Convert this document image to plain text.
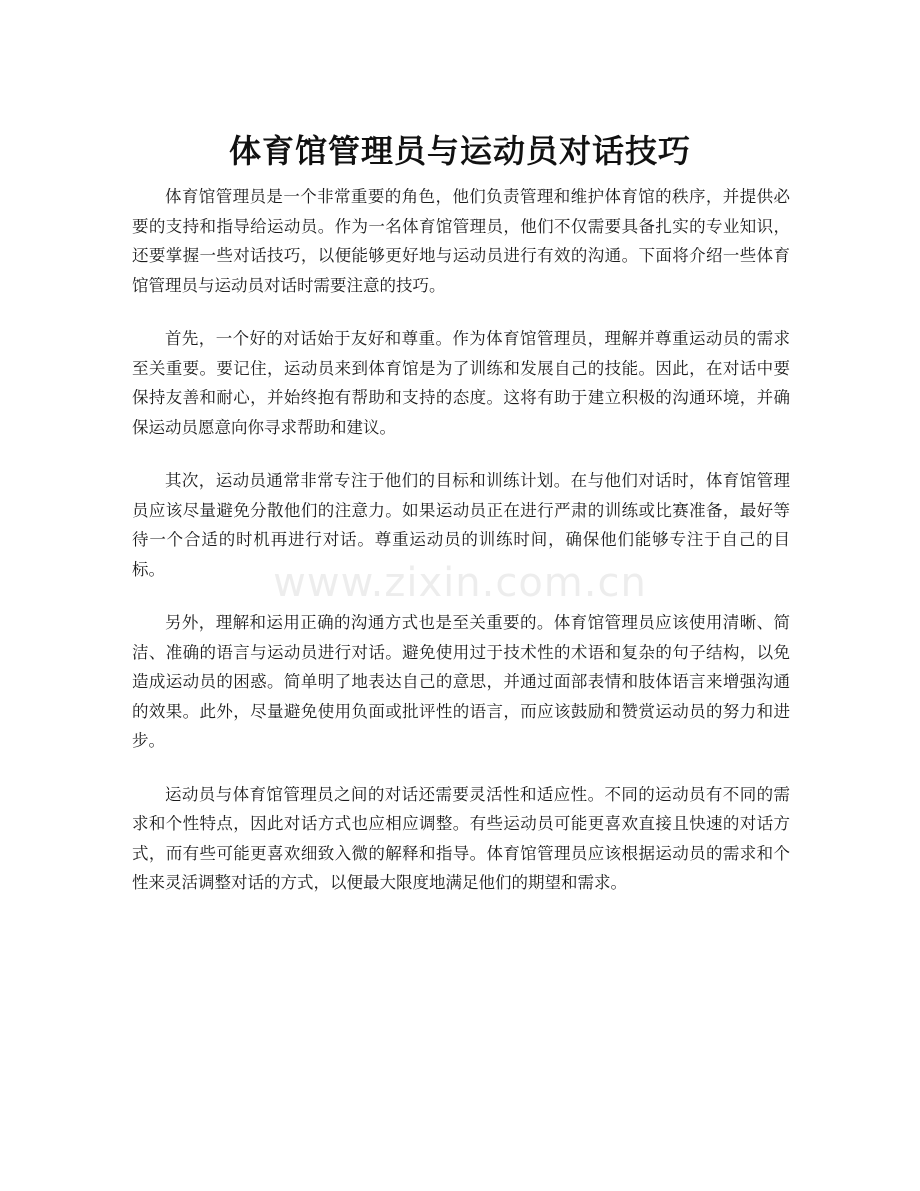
体育馆管理员与运动员对话技巧

体育馆管理员是一个非常重要的角色，他们负责管理和维护体育馆的秩序，并提供必要的支持和指导给运动员。作为一名体育馆管理员，他们不仅需要具备扎实的专业知识，还要掌握一些对话技巧，以便能够更好地与运动员进行有效的沟通。下面将介绍一些体育馆管理员与运动员对话时需要注意的技巧。

首先，一个好的对话始于友好和尊重。作为体育馆管理员，理解并尊重运动员的需求至关重要。要记住，运动员来到体育馆是为了训练和发展自己的技能。因此，在对话中要保持友善和耐心，并始终抱有帮助和支持的态度。这将有助于建立积极的沟通环境，并确保运动员愿意向你寻求帮助和建议。

其次，运动员通常非常专注于他们的目标和训练计划。在与他们对话时，体育馆管理员应该尽量避免分散他们的注意力。如果运动员正在进行严肃的训练或比赛准备，最好等待一个合适的时机再进行对话。尊重运动员的训练时间，确保他们能够专注于自己的目标。

另外，理解和运用正确的沟通方式也是至关重要的。体育馆管理员应该使用清晰、简洁、准确的语言与运动员进行对话。避免使用过于技术性的术语和复杂的句子结构，以免造成运动员的困惑。简单明了地表达自己的意思，并通过面部表情和肢体语言来增强沟通的效果。此外，尽量避免使用负面或批评性的语言，而应该鼓励和赞赏运动员的努力和进步。

运动员与体育馆管理员之间的对话还需要灵活性和适应性。不同的运动员有不同的需求和个性特点，因此对话方式也应相应调整。有些运动员可能更喜欢直接且快速的对话方式，而有些可能更喜欢细致入微的解释和指导。体育馆管理员应该根据运动员的需求和个性来灵活调整对话的方式，以便最大限度地满足他们的期望和需求。

www.zixin.com.cn
